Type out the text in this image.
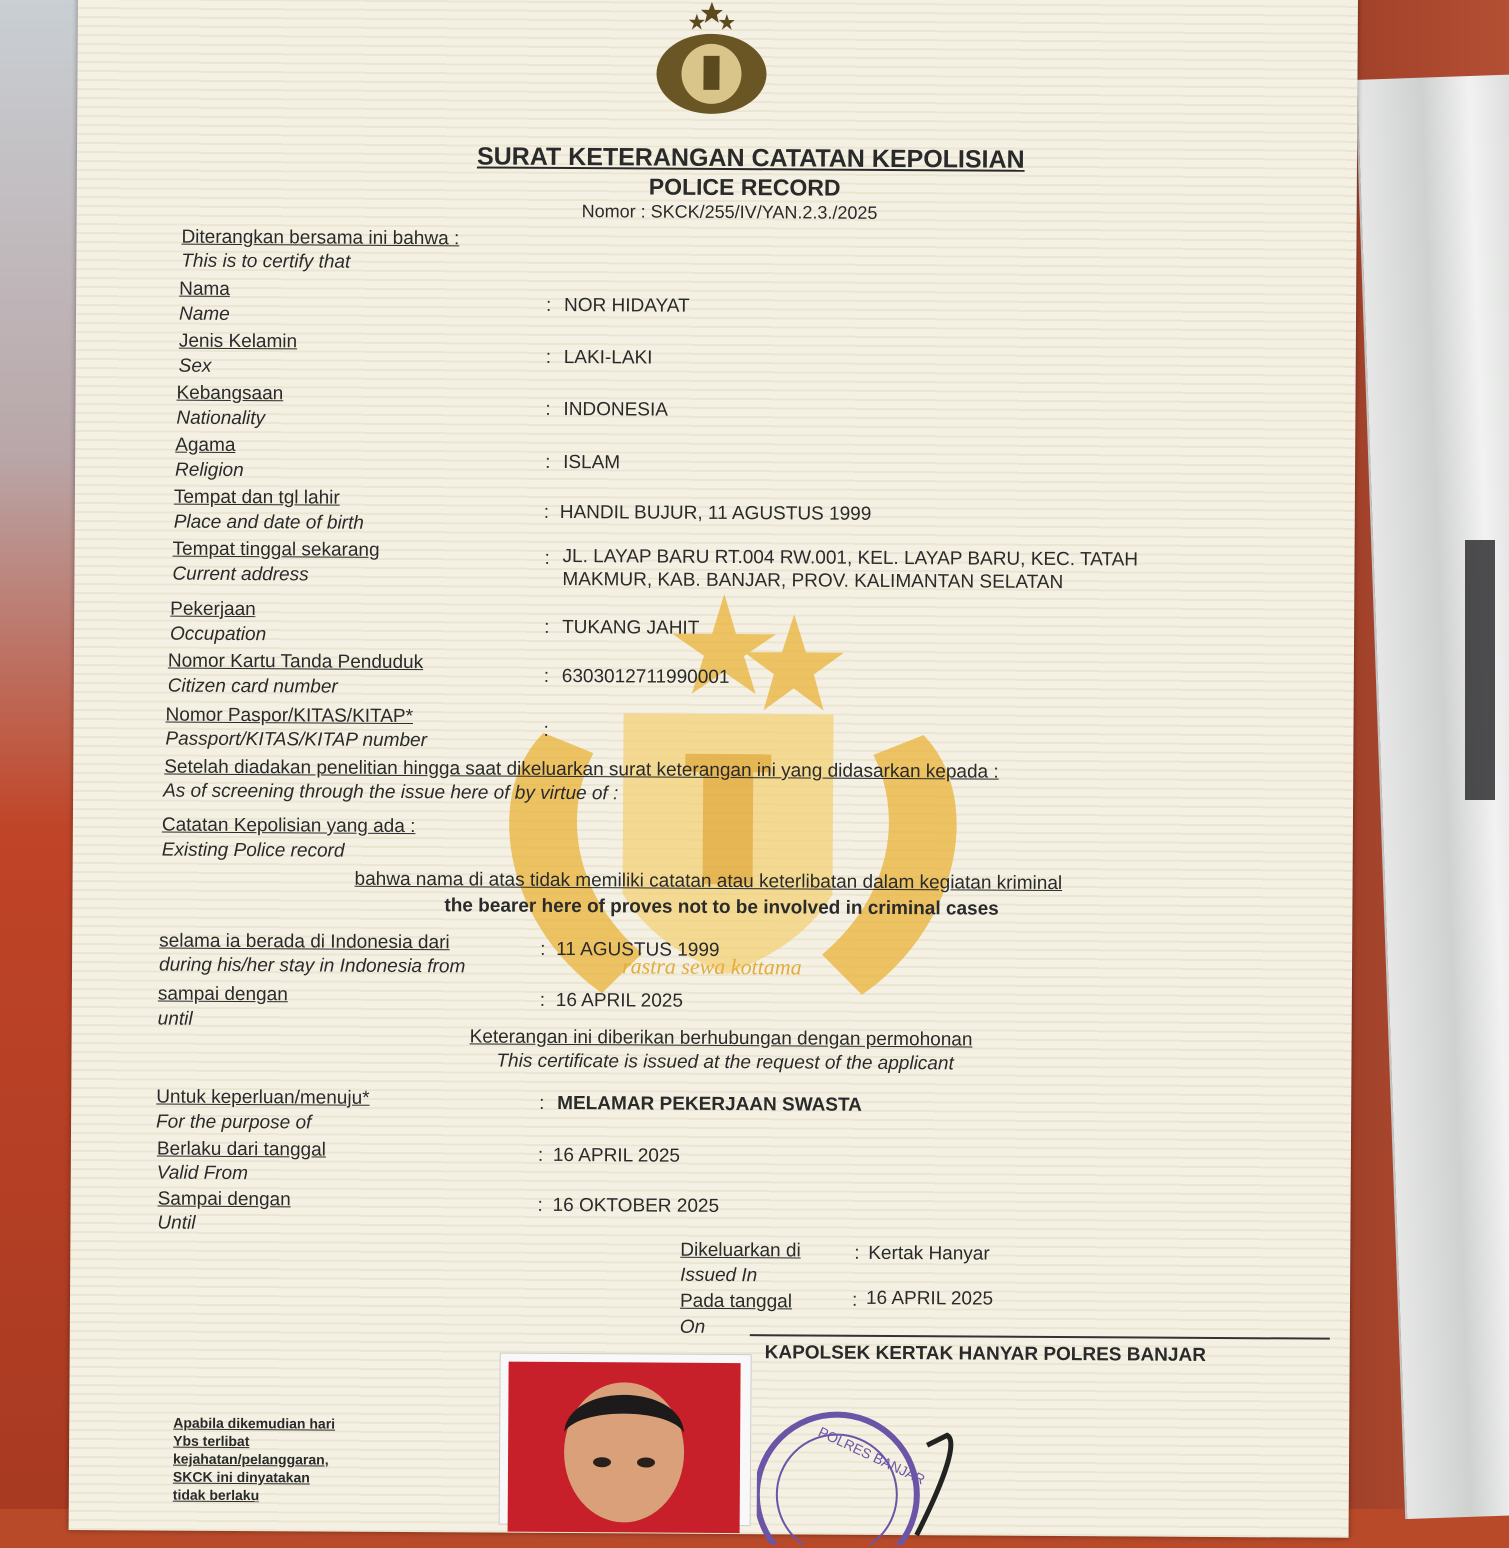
rastra sewa kottama
SURAT KETERANGAN CATATAN KEPOLISIAN
POLICE RECORD
Nomor : SKCK/255/IV/YAN.2.3./2025
Diterangkan bersama ini bahwa :
This is to certify that
Nama
Name	: NOR HIDAYAT
Jenis Kelamin
Sex	: LAKI-LAKI
Kebangsaan
Nationality	: INDONESIA
Agama
Religion	: ISLAM
Tempat dan tgl lahir
Place and date of birth	: HANDIL BUJUR, 11 AGUSTUS 1999
Tempat tinggal sekarang
Current address
: JL. LAYAP BARU RT.004 RW.001, KEL. LAYAP BARU, KEC. TATAH
MAKMUR, KAB. BANJAR, PROV. KALIMANTAN SELATAN
Pekerjaan
Occupation	: TUKANG JAHIT
Nomor Kartu Tanda Penduduk
Citizen card number	: 6303012711990001
Nomor Paspor/KITAS/KITAP*
Passport/KITAS/KITAP number	:
Setelah diadakan penelitian hingga saat dikeluarkan surat keterangan ini yang didasarkan kepada :
As of screening through the issue here of by virtue of :
Catatan Kepolisian yang ada :
Existing Police record
bahwa nama di atas tidak memiliki catatan atau keterlibatan dalam kegiatan kriminal
the bearer here of proves not to be involved in criminal cases
selama ia berada di Indonesia dari
during his/her stay in Indonesia from
: 11 AGUSTUS 1999
sampai dengan
until
: 16 APRIL 2025
Keterangan ini diberikan berhubungan dengan permohonan
This certificate is issued at the request of the applicant
Untuk keperluan/menuju*
For the purpose of
: MELAMAR PEKERJAAN SWASTA
Berlaku dari tanggal
Valid From
: 16 APRIL 2025
Sampai dengan
Until
: 16 OKTOBER 2025
Dikeluarkan di
Issued In
: Kertak Hanyar
Pada tanggal
On
: 16 APRIL 2025
KAPOLSEK KERTAK HANYAR POLRES BANJAR
Apabila dikemudian hari
Ybs terlibat
kejahatan/pelanggaran,
SKCK ini dinyatakan
tidak berlaku
POLRES BANJAR
